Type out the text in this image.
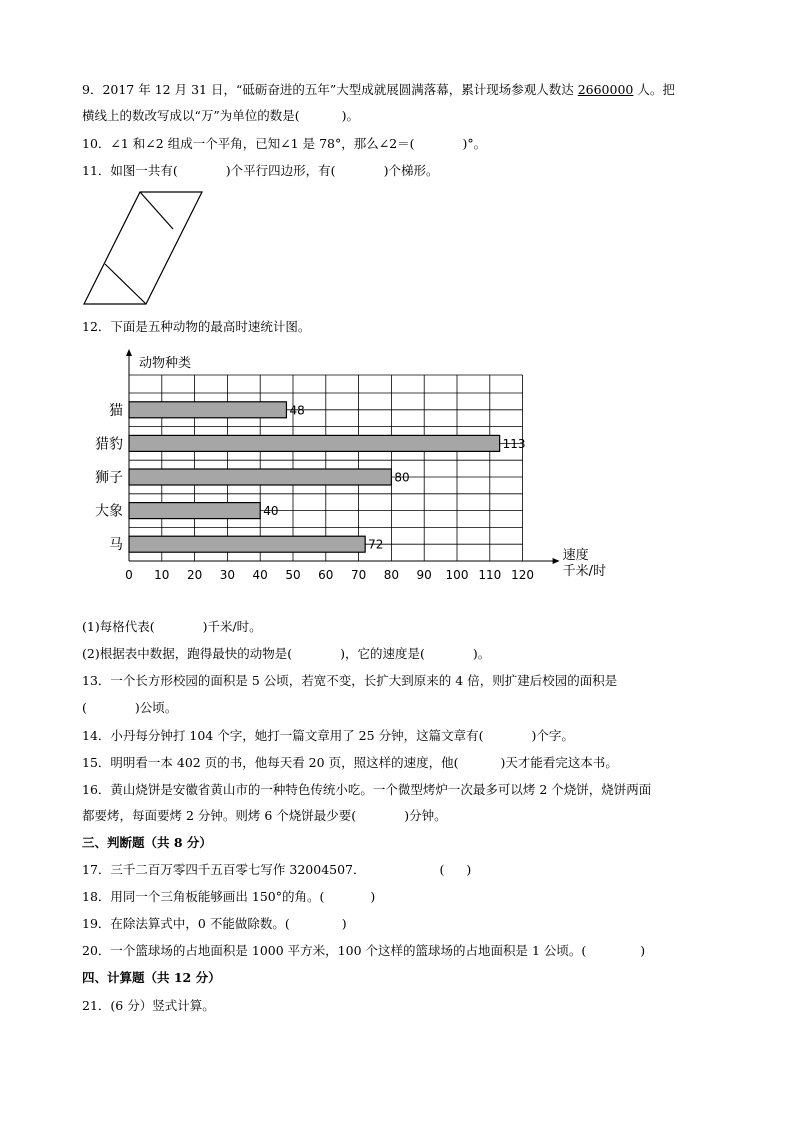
9．2017 年 12 月 31 日，“砥砺奋进的五年”大型成就展圆满落幕，累计现场参观人数达 2660000 人。把
横线上的数改写成以“万”为单位的数是(	)。
10．∠1 和∠2 组成一个平角，已知∠1 是 78°，那么∠2＝(	)°。
11．如图一共有(	)个平行四边形，有(	)个梯形。
12．下面是五种动物的最高时速统计图。
48
113
80
40
72
猫
猎豹
狮子
大象
马
动物种类
速度
千米/时
0 10 20 30 40 50 60 70 80 90 100 110 120
(1)每格代表(	)千米/时。
(2)根据表中数据，跑得最快的动物是(	)，它的速度是(	)。
13．一个长方形校园的面积是 5 公顷，若宽不变，长扩大到原来的 4 倍，则扩建后校园的面积是
(	)公顷。
14．小丹每分钟打 104 个字，她打一篇文章用了 25 分钟，这篇文章有(	)个字。
15．明明看一本 402 页的书，他每天看 20 页，照这样的速度，他(	)天才能看完这本书。
16．黄山烧饼是安徽省黄山市的一种特色传统小吃。一个微型烤炉一次最多可以烤 2 个烧饼，烧饼两面
都要烤，每面要烤 2 分钟。则烤 6 个烧饼最少要(	)分钟。
三、判断题（共 8 分）
17．三千二百万零四千五百零七写作 32004507．	( )
18．用同一个三角板能够画出 150°的角。(	)
19．在除法算式中，0 不能做除数。(	)
20．一个篮球场的占地面积是 1000 平方米，100 个这样的篮球场的占地面积是 1 公顷。(	)
四、计算题（共 12 分）
21．(6 分）竖式计算。
